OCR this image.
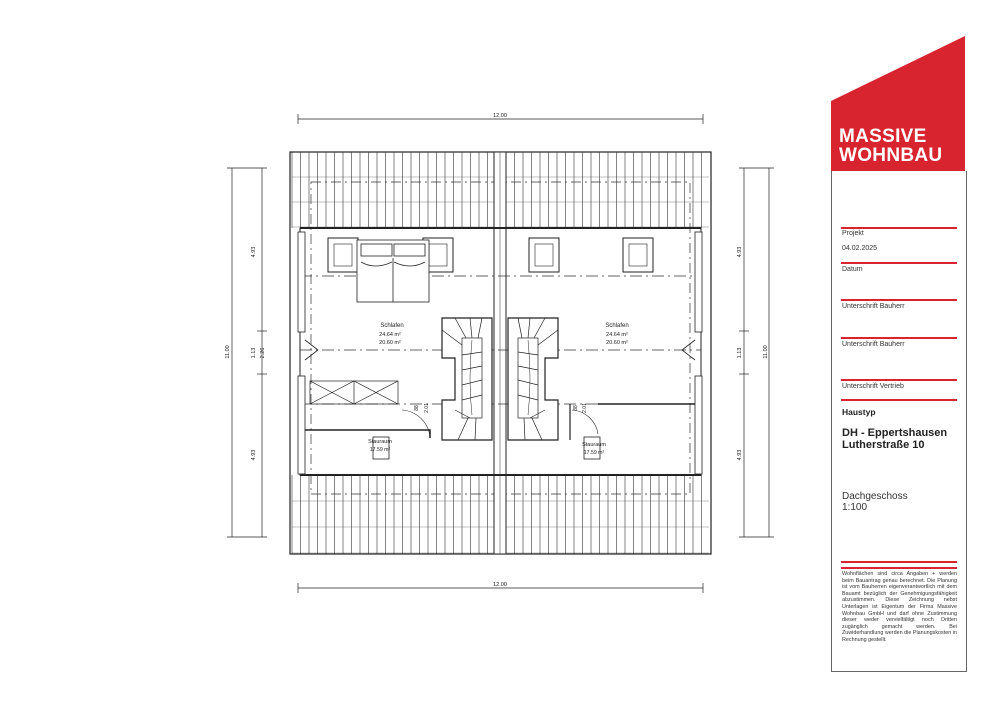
12.00
12.00
11.00
4.93
1.13 2.26
4.93
11.00
4.93
1.13
4.93
88 2.01	88 2.01
Schlafen
24.64 m²
20.60 m²
Schlafen
24.64 m²
20.60 m²
Stauraum
17.59 m²
Stauraum
17.59 m²
MASSIVE
WOHNBAU
Projekt
04.02.2025
Datum
Unterschrift Bauherr
Unterschrift Bauherr
Unterschrift Vertrieb
Haustyp
DH - Eppertshausen
Lutherstraße 10
Dachgeschoss
1:100
Wohnflächen sind circa Angaben + werden beim Bauantrag genau berechnet. Die Planung ist vom Bauherren eigenverantwortlich mit dem Bauamt bezüglich der Genehmigungsfähigkeit abzustimmen. Diese Zeichnung nebst Unterlagen ist Eigentum der Firma Massive Wohnbau GmbH und darf ohne Zustimmung dieser weder vervielfältigt noch Dritten zugänglich gemacht werden. Bei Zuwiderhandlung werden die Planungskosten in Rechnung gestellt.
